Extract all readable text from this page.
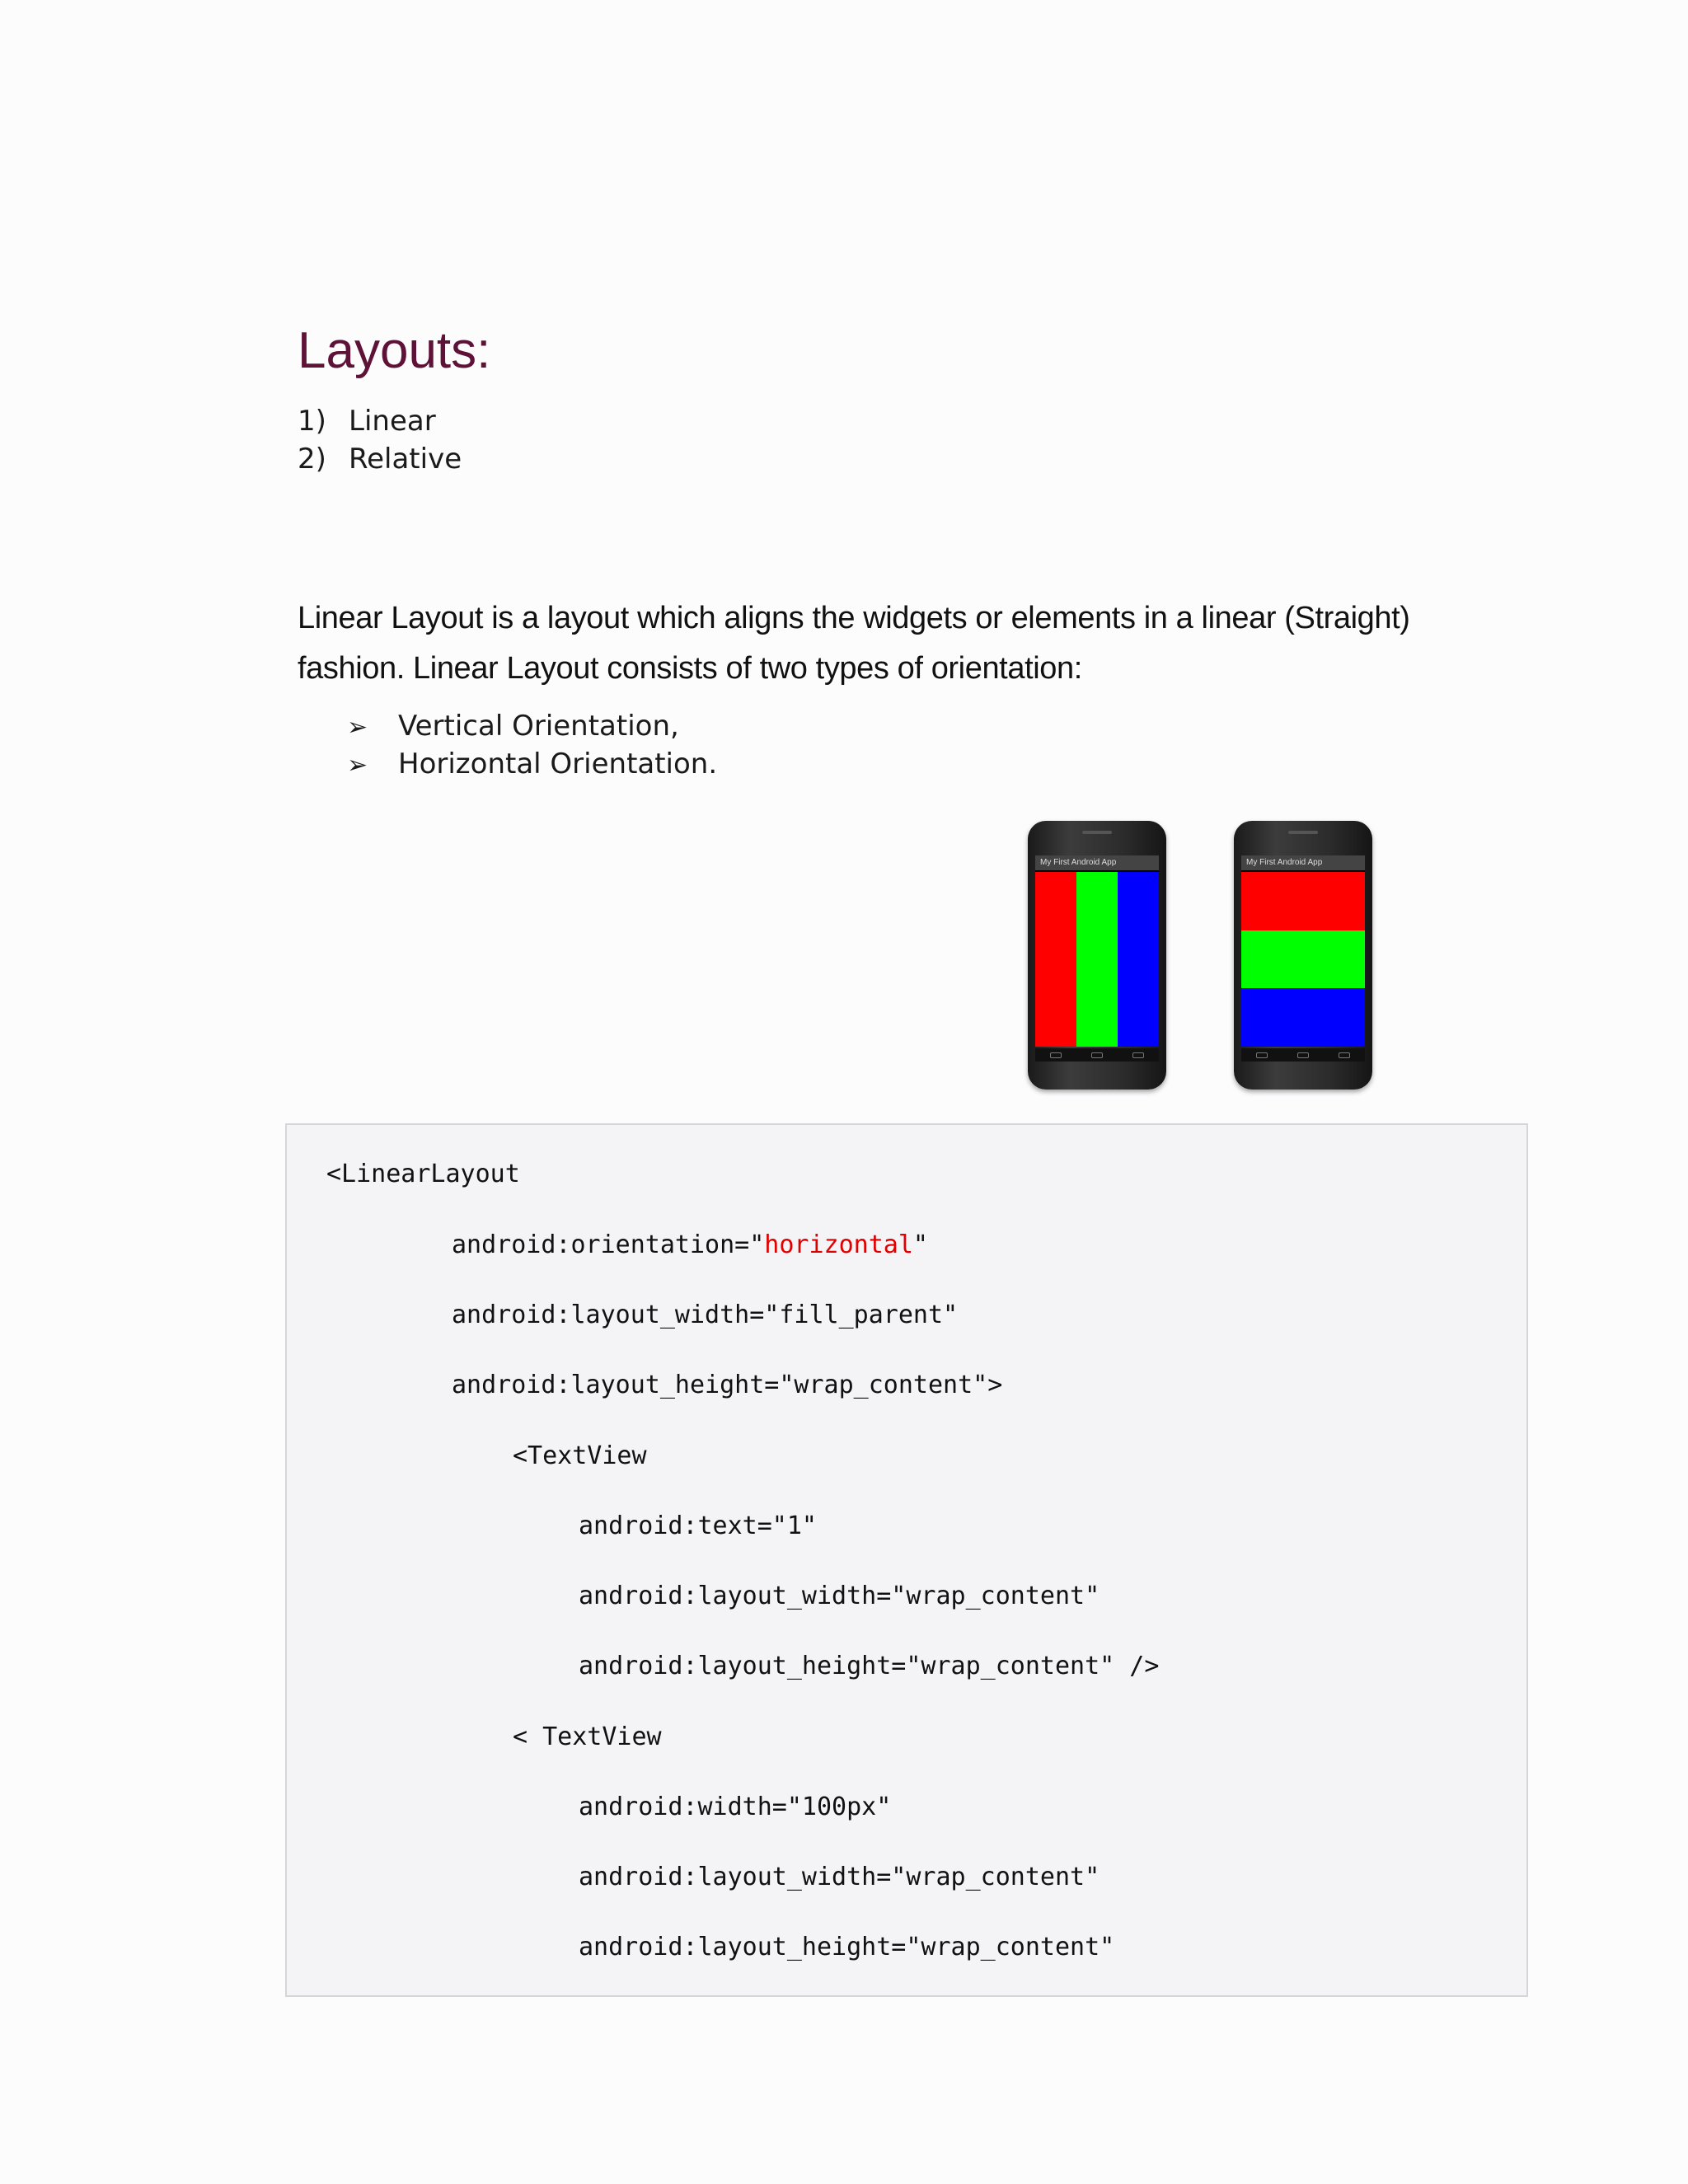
Layouts:
1) Linear
2) Relative

Linear Layout is a layout which aligns the widgets or elements in a linear (Straight)
fashion. Linear Layout consists of two types of orientation:

➢ Vertical Orientation,
➢ Horizontal Orientation.
My First Android App	My First Android App
<LinearLayout
android:orientation="horizontal"
android:layout_width="fill_parent"
android:layout_height="wrap_content">
<TextView
android:text="1"
android:layout_width="wrap_content"
android:layout_height="wrap_content" />
< TextView
android:width="100px"
android:layout_width="wrap_content"
android:layout_height="wrap_content"
